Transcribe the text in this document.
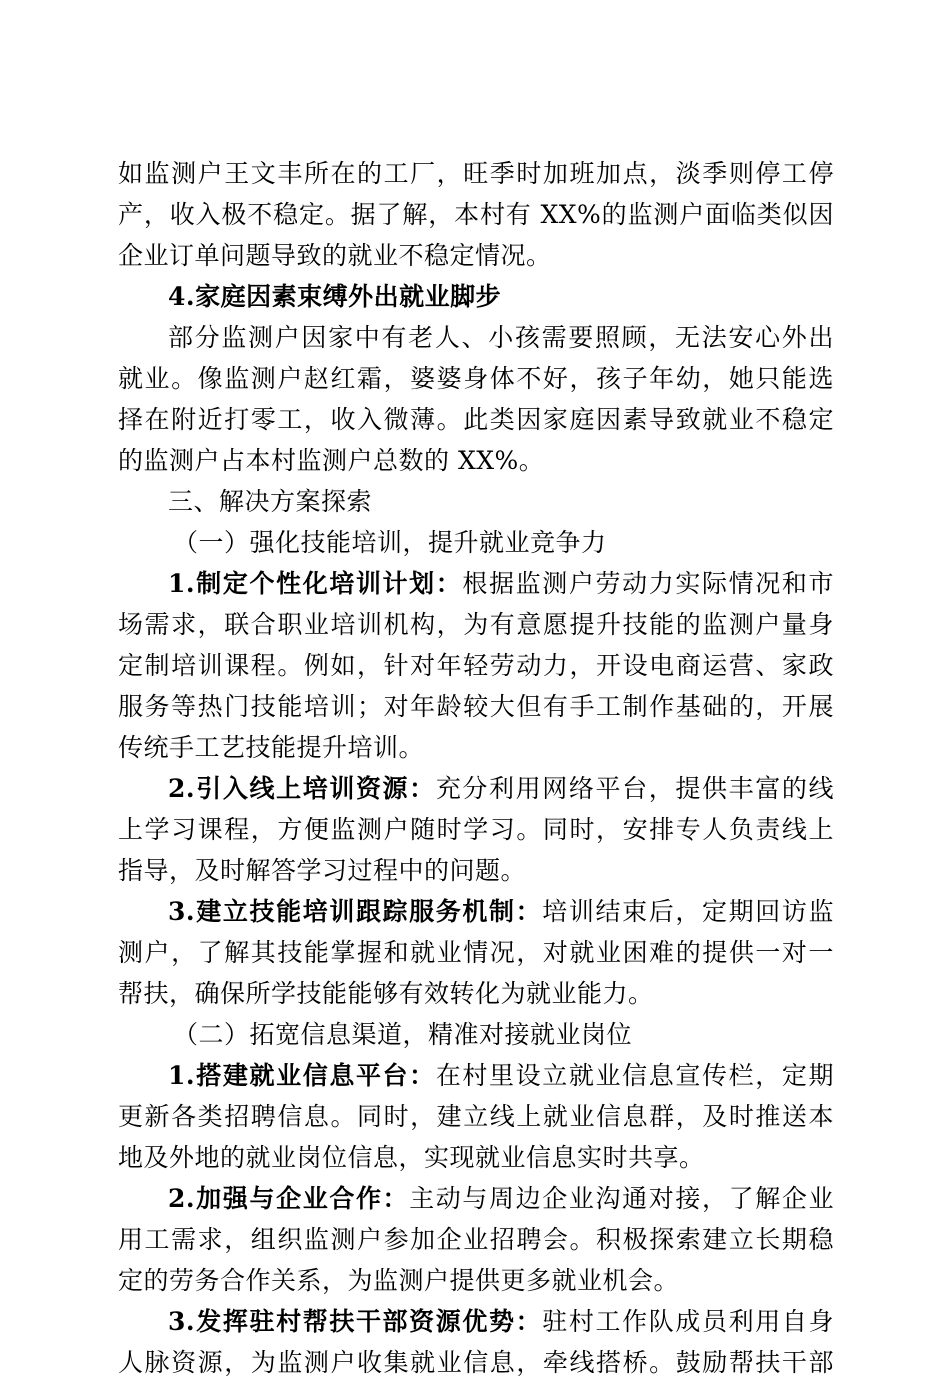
如监测户王文丰所在的工厂，旺季时加班加点，淡季则停工停
产，收入极不稳定。据了解，本村有 XX%的监测户面临类似因
企业订单问题导致的就业不稳定情况。
4.家庭因素束缚外出就业脚步
部分监测户因家中有老人、小孩需要照顾，无法安心外出
就业。像监测户赵红霜，婆婆身体不好，孩子年幼，她只能选
择在附近打零工，收入微薄。此类因家庭因素导致就业不稳定
的监测户占本村监测户总数的 XX%。
三、解决方案探索
（一）强化技能培训，提升就业竞争力
1.制定个性化培训计划：根据监测户劳动力实际情况和市
场需求，联合职业培训机构，为有意愿提升技能的监测户量身
定制培训课程。例如，针对年轻劳动力，开设电商运营、家政
服务等热门技能培训；对年龄较大但有手工制作基础的，开展
传统手工艺技能提升培训。
2.引入线上培训资源：充分利用网络平台，提供丰富的线
上学习课程，方便监测户随时学习。同时，安排专人负责线上
指导，及时解答学习过程中的问题。
3.建立技能培训跟踪服务机制：培训结束后，定期回访监
测户，了解其技能掌握和就业情况，对就业困难的提供一对一
帮扶，确保所学技能能够有效转化为就业能力。
（二）拓宽信息渠道，精准对接就业岗位
1.搭建就业信息平台：在村里设立就业信息宣传栏，定期
更新各类招聘信息。同时，建立线上就业信息群，及时推送本
地及外地的就业岗位信息，实现就业信息实时共享。
2.加强与企业合作：主动与周边企业沟通对接，了解企业
用工需求，组织监测户参加企业招聘会。积极探索建立长期稳
定的劳务合作关系，为监测户提供更多就业机会。
3.发挥驻村帮扶干部资源优势：驻村工作队成员利用自身
人脉资源，为监测户收集就业信息，牵线搭桥。鼓励帮扶干部
